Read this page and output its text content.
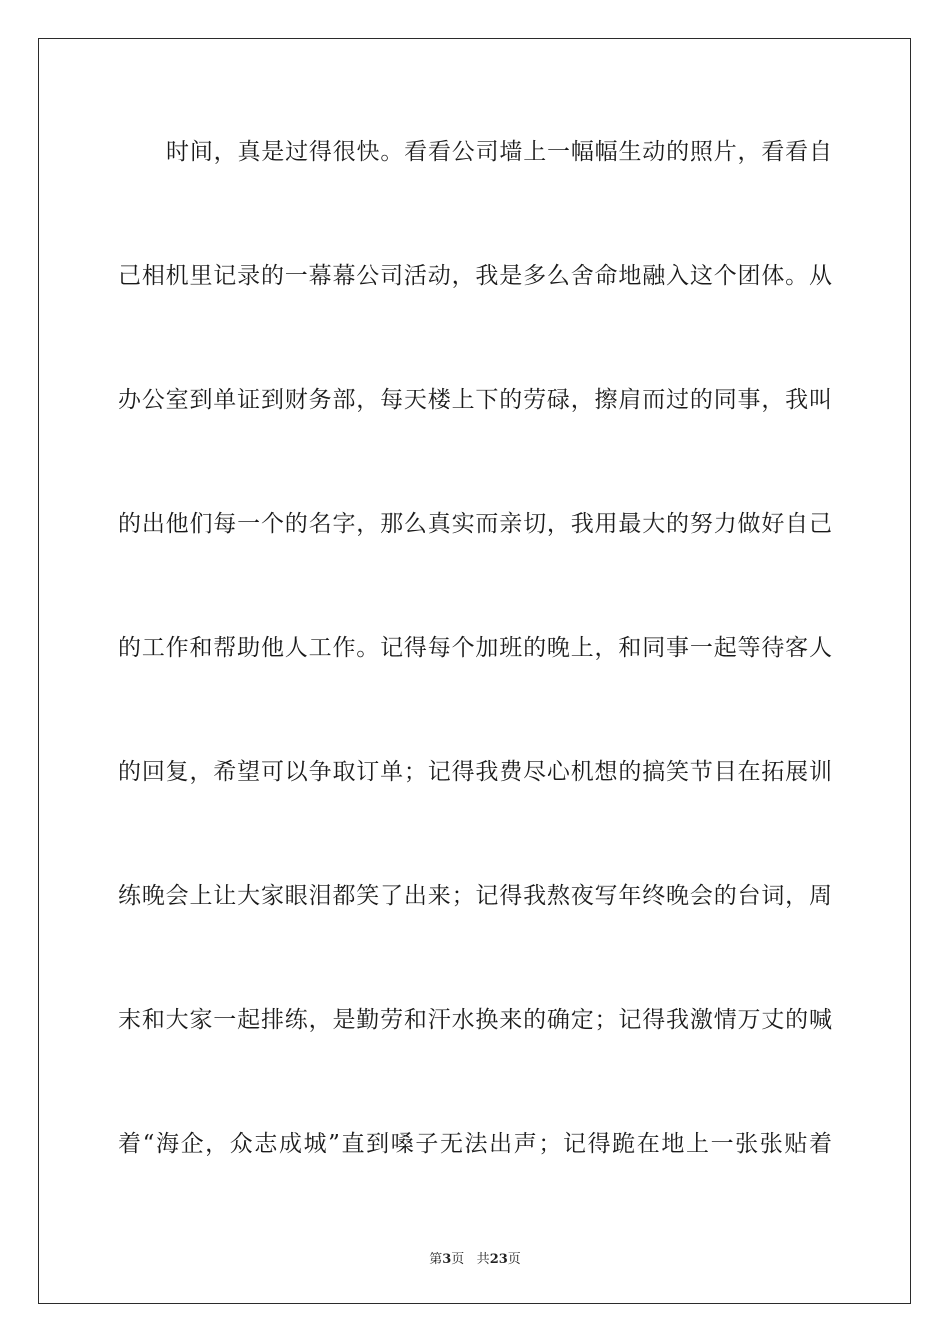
时间，真是过得很快。看看公司墙上一幅幅生动的照片，看看自
己相机里记录的一幕幕公司活动，我是多么舍命地融入这个团体。从
办公室到单证到财务部，每天楼上下的劳碌，擦肩而过的同事，我叫
的出他们每一个的名字，那么真实而亲切，我用最大的努力做好自己
的工作和帮助他人工作。记得每个加班的晚上，和同事一起等待客人
的回复，希望可以争取订单；记得我费尽心机想的搞笑节目在拓展训
练晚会上让大家眼泪都笑了出来；记得我熬夜写年终晚会的台词，周
末和大家一起排练，是勤劳和汗水换来的确定；记得我激情万丈的喊
着“海企，众志成城”直到嗓子无法出声；记得跪在地上一张张贴着
第3页 共23页
